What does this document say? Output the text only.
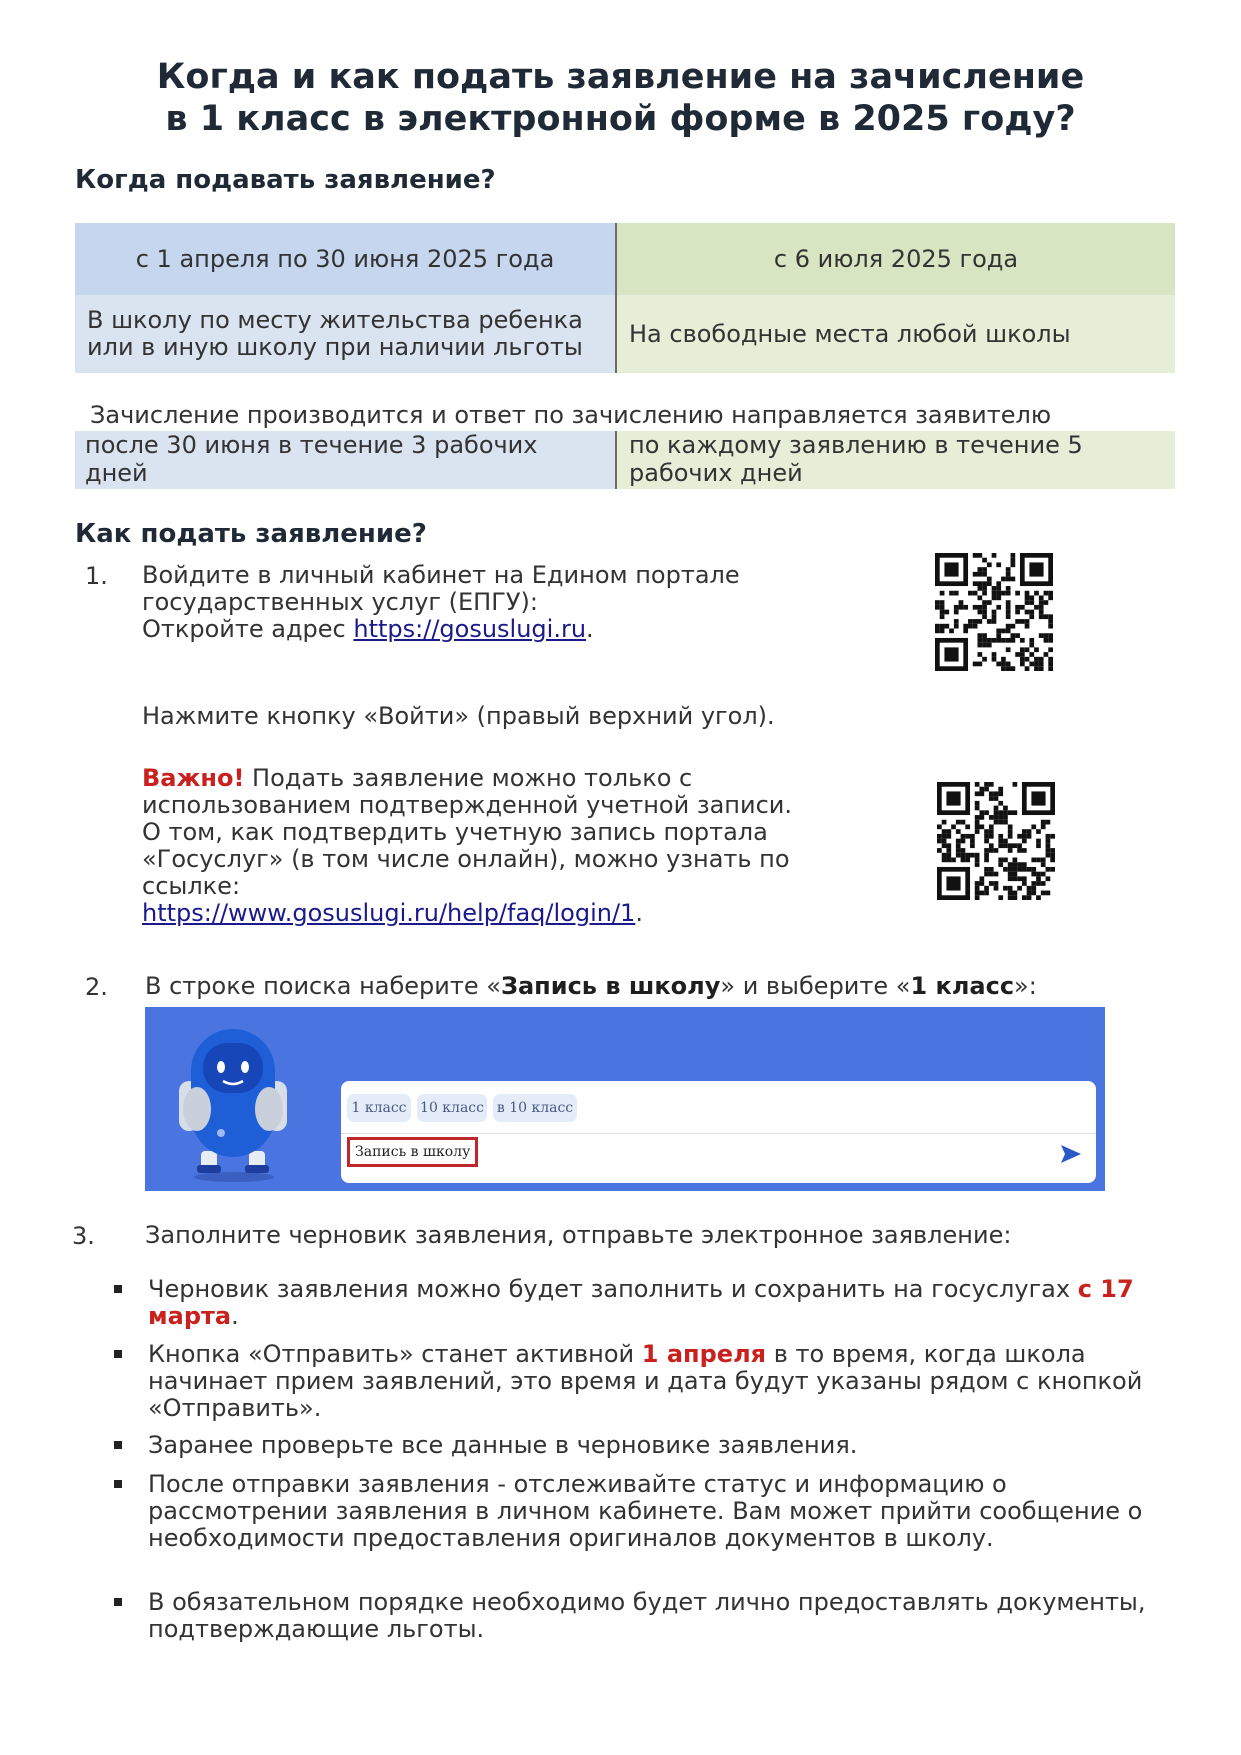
Когда и как подать заявление на зачисление
в 1 класс в электронной форме в 2025 году?
Когда подавать заявление?
с 1 апреля по 30 июня 2025 года	с 6 июля 2025 года
В школу по месту жительства ребенка или в иную школу при наличии льготы	На свободные места любой школы
Зачисление производится и ответ по зачислению направляется заявителю
после 30 июня в течение 3 рабочих дней
по каждому заявлению в течение 5 рабочих дней
Как подать заявление?
1. Войдите в личный кабинет на Едином портале государственных услуг (ЕПГУ):
Откройте адрес https://gosuslugi.ru.
Нажмите кнопку «Войти» (правый верхний угол).
Важно! Подать заявление можно только с использованием подтвержденной учетной записи.
О том, как подтвердить учетную запись портала «Госуслуг» (в том числе онлайн), можно узнать по ссылке:
https://www.gosuslugi.ru/help/faq/login/1.
2. В строке поиска наберите «Запись в школу» и выберите «1 класс»:
1 класс 10 класс в 10 класс
Запись в школу
3. Заполните черновик заявления, отправьте электронное заявление:
Черновик заявления можно будет заполнить и сохранить на госуслугах с 17 марта.
Кнопка «Отправить» станет активной 1 апреля в то время, когда школа начинает прием заявлений, это время и дата будут указаны рядом с кнопкой «Отправить».
Заранее проверьте все данные в черновике заявления.
После отправки заявления - отслеживайте статус и информацию о рассмотрении заявления в личном кабинете. Вам может прийти сообщение о необходимости предоставления оригиналов документов в школу.
В обязательном порядке необходимо будет лично предоставлять документы, подтверждающие льготы.
